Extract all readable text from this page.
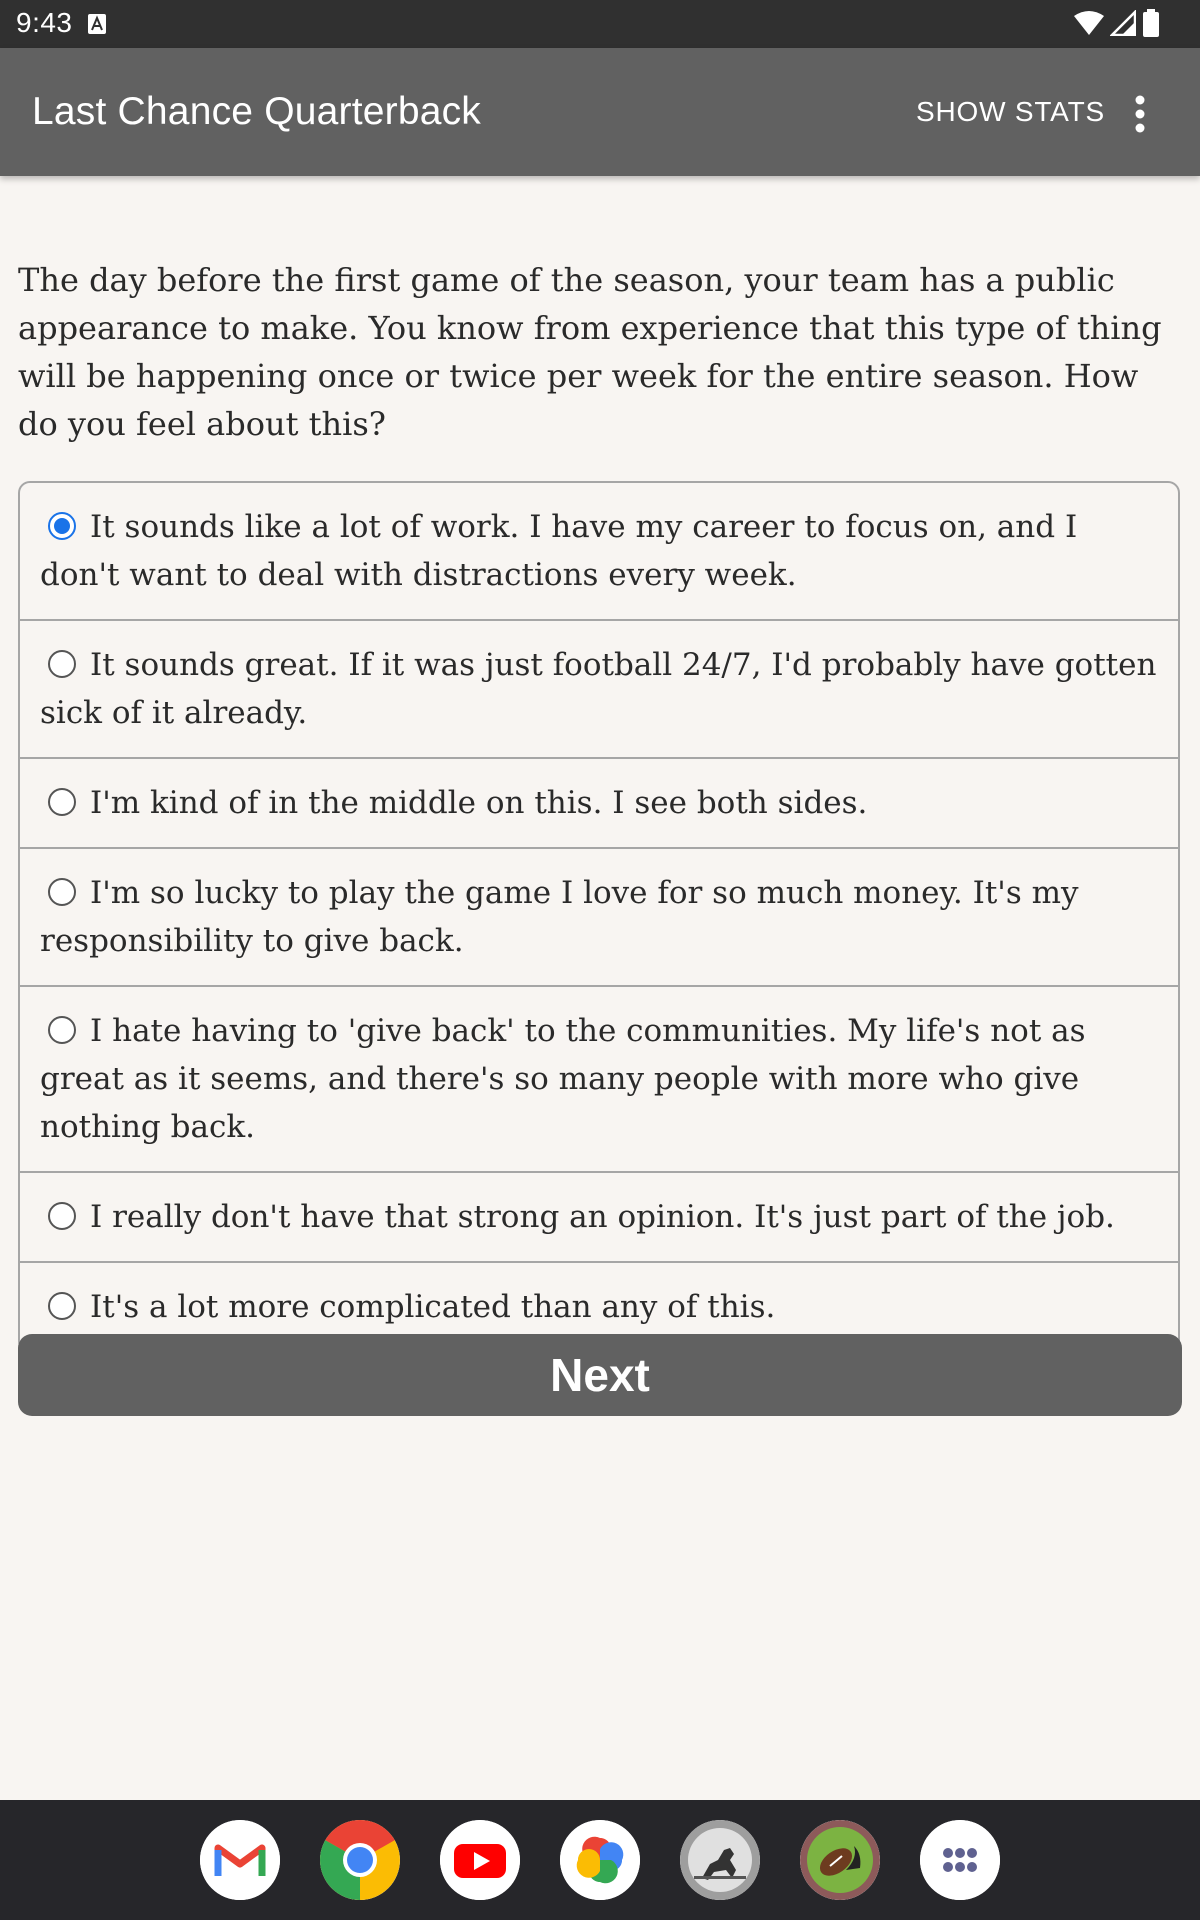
9:43
Last Chance Quarterback	SHOW STATS
The day before the first game of the season, your team has a public appearance to make. You know from experience that this type of thing will be happening once or twice per week for the entire season. How do you feel about this?
It sounds like a lot of work. I have my career to focus on, and I don't want to deal with distractions every week.
It sounds great. If it was just football 24/7, I'd probably have gotten sick of it already.
I'm kind of in the middle on this. I see both sides.
I'm so lucky to play the game I love for so much money. It's my responsibility to give back.
I hate having to 'give back' to the communities. My life's not as great as it seems, and there's so many people with more who give nothing back.
I really don't have that strong an opinion. It's just part of the job.
It's a lot more complicated than any of this.
Next
